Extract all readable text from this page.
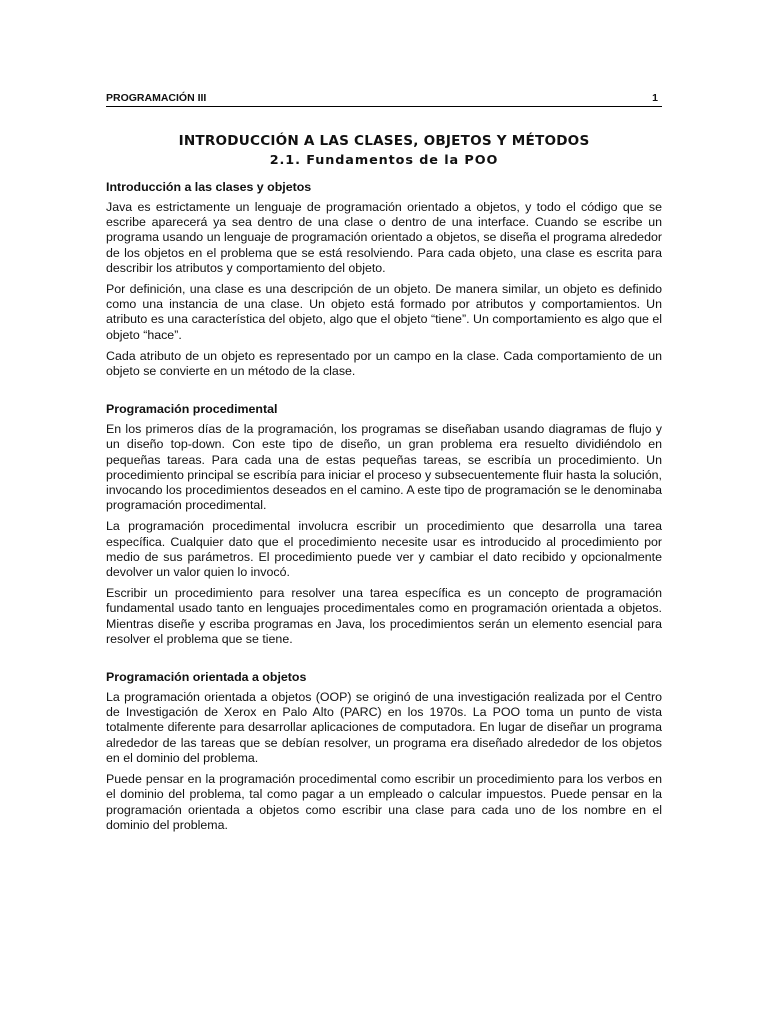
PROGRAMACIÓN III	1
INTRODUCCIÓN A LAS CLASES, OBJETOS Y MÉTODOS
2.1. Fundamentos de la POO
Introducción a las clases y objetos

Java es estrictamente un lenguaje de programación orientado a objetos, y todo el código que se escribe aparecerá ya sea dentro de una clase o dentro de una interface. Cuando se escribe un programa usando un lenguaje de programación orientado a objetos, se diseña el programa alrededor de los objetos en el problema que se está resolviendo. Para cada objeto, una clase es escrita para describir los atributos y comportamiento del objeto.

Por definición, una clase es una descripción de un objeto. De manera similar, un objeto es definido como una instancia de una clase. Un objeto está formado por atributos y comportamientos. Un atributo es una característica del objeto, algo que el objeto “tiene”. Un comportamiento es algo que el objeto “hace”.

Cada atributo de un objeto es representado por un campo en la clase. Cada comportamiento de un objeto se convierte en un método de la clase.

Programación procedimental

En los primeros días de la programación, los programas se diseñaban usando diagramas de flujo y un diseño top-down. Con este tipo de diseño, un gran problema era resuelto dividiéndolo en pequeñas tareas. Para cada una de estas pequeñas tareas, se escribía un procedimiento. Un procedimiento principal se escribía para iniciar el proceso y subsecuentemente fluir hasta la solución, invocando los procedimientos deseados en el camino. A este tipo de programación se le denominaba programación procedimental.

La programación procedimental involucra escribir un procedimiento que desarrolla una tarea específica. Cualquier dato que el procedimiento necesite usar es introducido al procedimiento por medio de sus parámetros. El procedimiento puede ver y cambiar el dato recibido y opcionalmente devolver un valor quien lo invocó.

Escribir un procedimiento para resolver una tarea específica es un concepto de programación fundamental usado tanto en lenguajes procedimentales como en programación orientada a objetos. Mientras diseñe y escriba programas en Java, los procedimientos serán un elemento esencial para resolver el problema que se tiene.

Programación orientada a objetos

La programación orientada a objetos (OOP) se originó de una investigación realizada por el Centro de Investigación de Xerox en Palo Alto (PARC) en los 1970s. La POO toma un punto de vista totalmente diferente para desarrollar aplicaciones de computadora. En lugar de diseñar un programa alrededor de las tareas que se debían resolver, un programa era diseñado alrededor de los objetos en el dominio del problema.

Puede pensar en la programación procedimental como escribir un procedimiento para los verbos en el dominio del problema, tal como pagar a un empleado o calcular impuestos. Puede pensar en la programación orientada a objetos como escribir una clase para cada uno de los nombre en el dominio del problema.
